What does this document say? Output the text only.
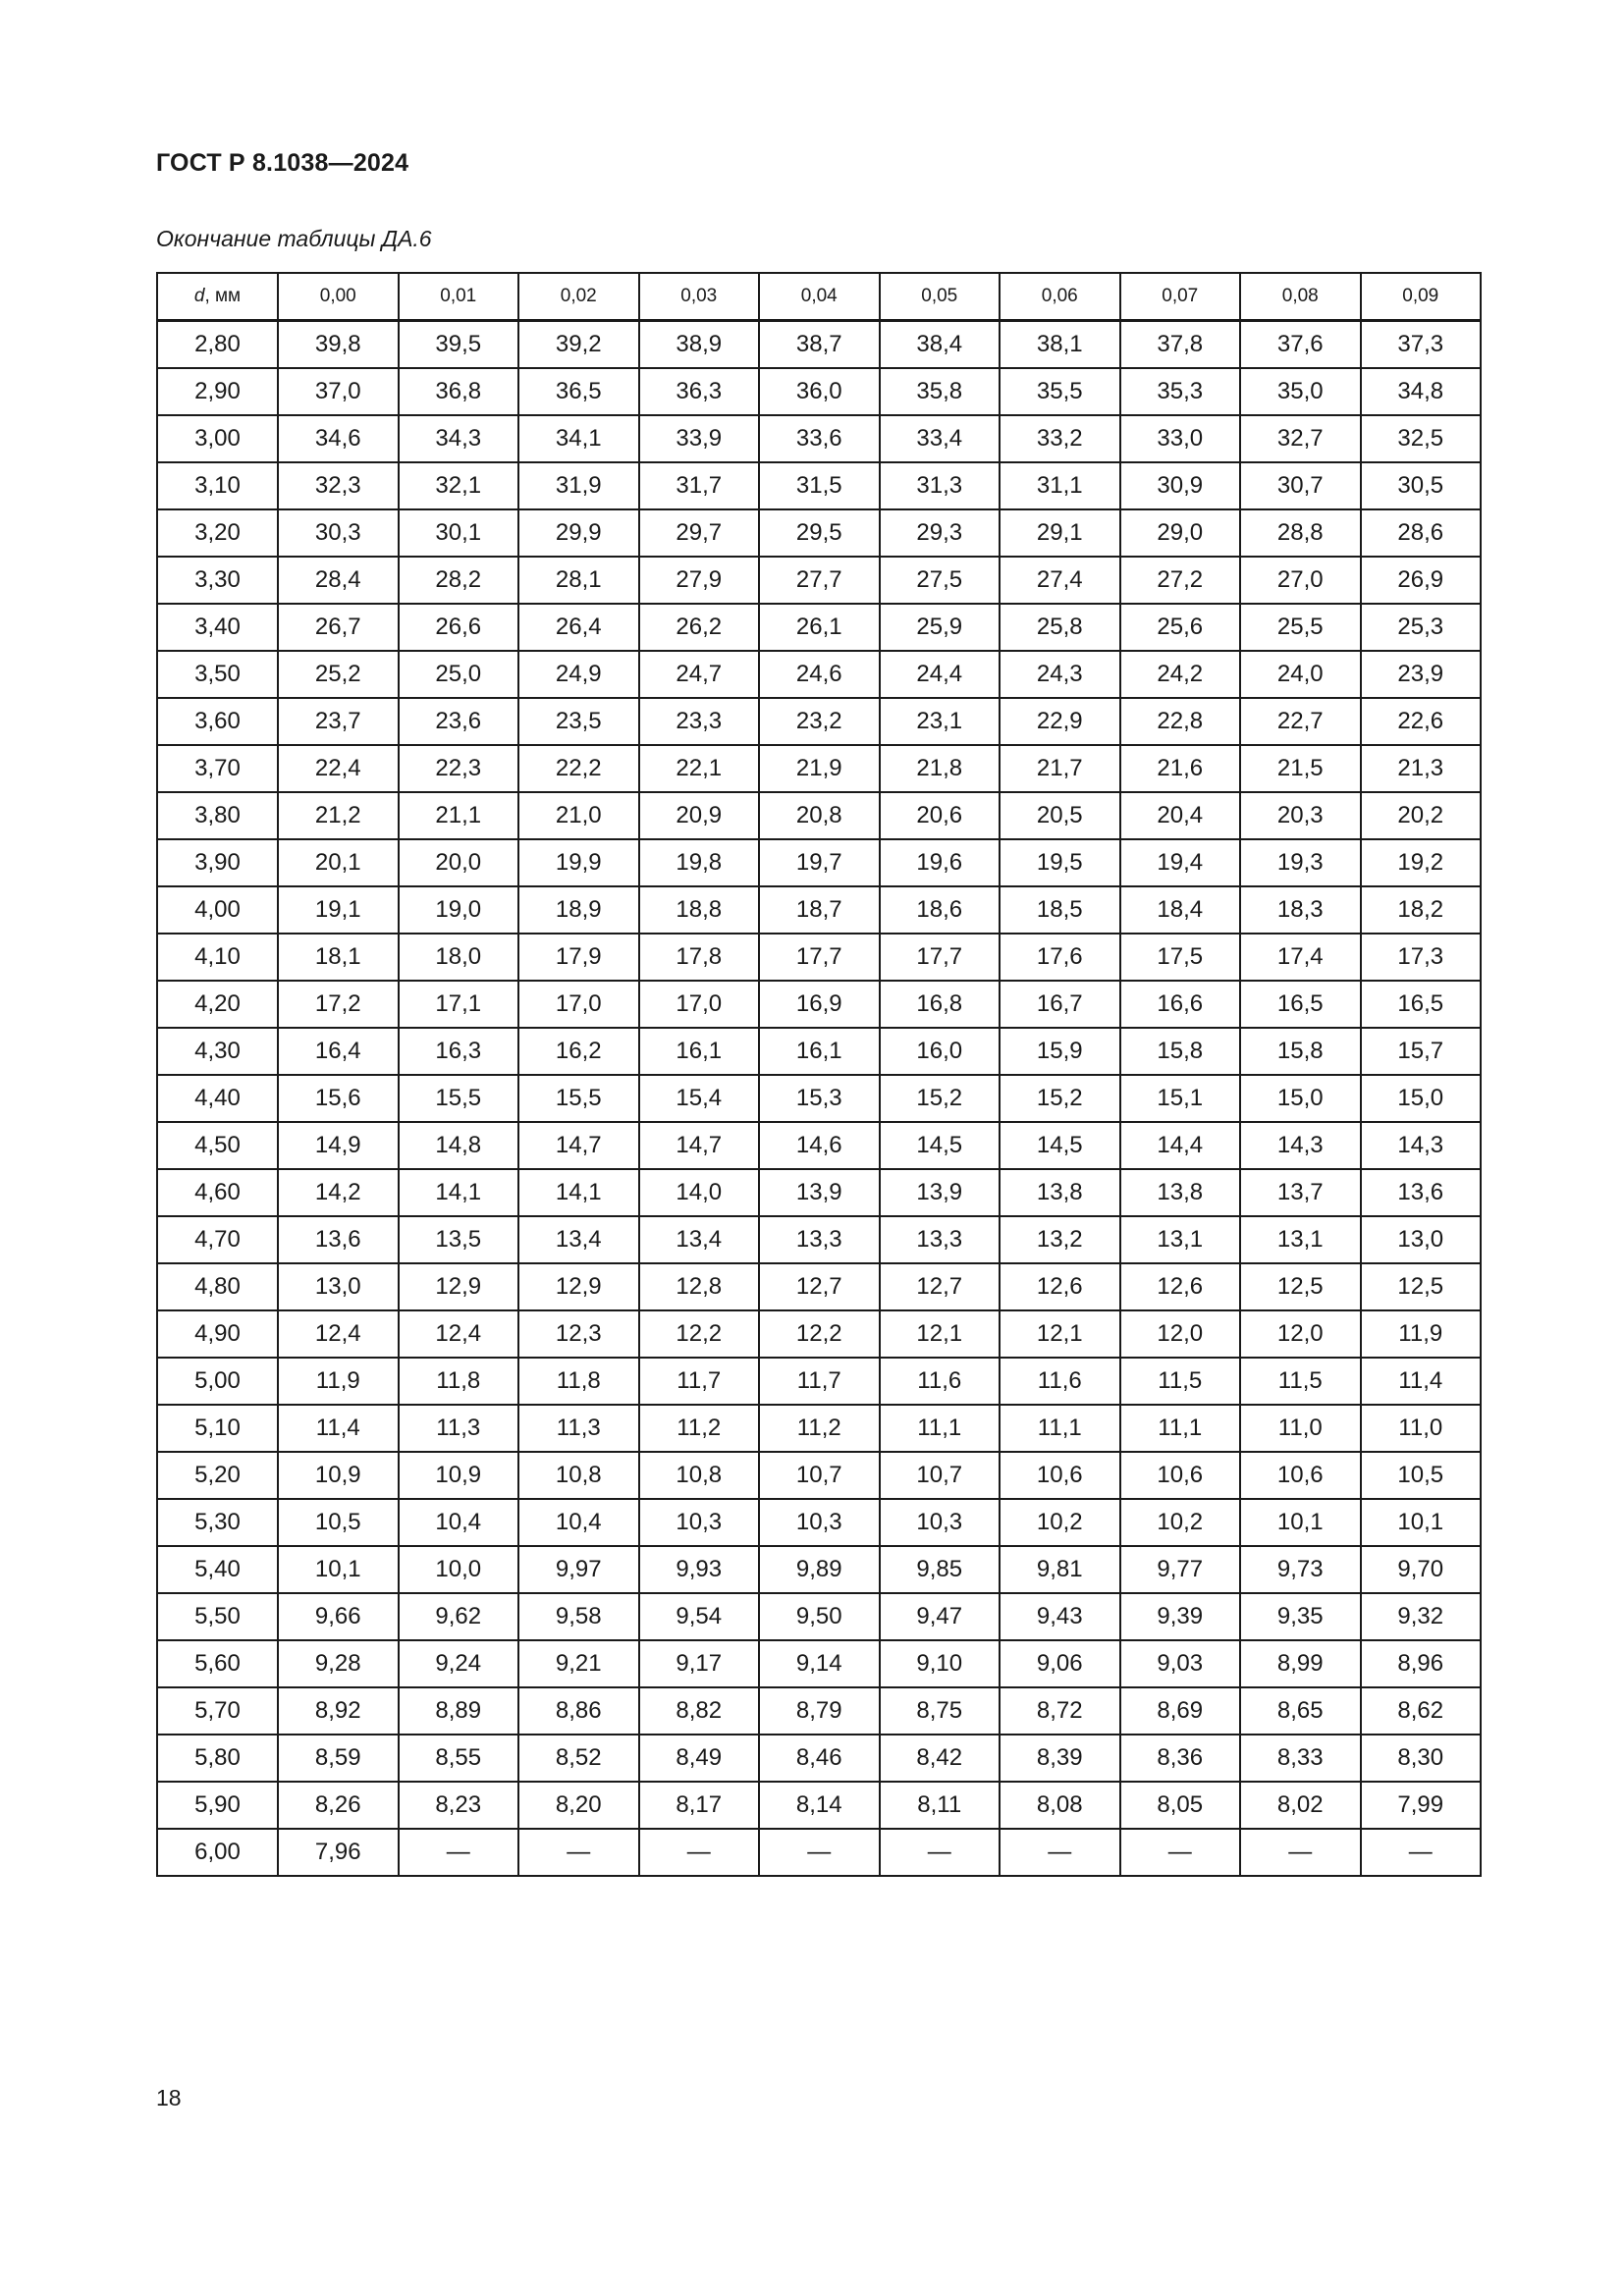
ГОСТ Р 8.1038—2024
Окончание таблицы ДА.6
d, мм	0,00	0,01	0,02	0,03	0,04	0,05	0,06	0,07	0,08	0,09
2,80	39,8	39,5	39,2	38,9	38,7	38,4	38,1	37,8	37,6	37,3
2,90	37,0	36,8	36,5	36,3	36,0	35,8	35,5	35,3	35,0	34,8
3,00	34,6	34,3	34,1	33,9	33,6	33,4	33,2	33,0	32,7	32,5
3,10	32,3	32,1	31,9	31,7	31,5	31,3	31,1	30,9	30,7	30,5
3,20	30,3	30,1	29,9	29,7	29,5	29,3	29,1	29,0	28,8	28,6
3,30	28,4	28,2	28,1	27,9	27,7	27,5	27,4	27,2	27,0	26,9
3,40	26,7	26,6	26,4	26,2	26,1	25,9	25,8	25,6	25,5	25,3
3,50	25,2	25,0	24,9	24,7	24,6	24,4	24,3	24,2	24,0	23,9
3,60	23,7	23,6	23,5	23,3	23,2	23,1	22,9	22,8	22,7	22,6
3,70	22,4	22,3	22,2	22,1	21,9	21,8	21,7	21,6	21,5	21,3
3,80	21,2	21,1	21,0	20,9	20,8	20,6	20,5	20,4	20,3	20,2
3,90	20,1	20,0	19,9	19,8	19,7	19,6	19,5	19,4	19,3	19,2
4,00	19,1	19,0	18,9	18,8	18,7	18,6	18,5	18,4	18,3	18,2
4,10	18,1	18,0	17,9	17,8	17,7	17,7	17,6	17,5	17,4	17,3
4,20	17,2	17,1	17,0	17,0	16,9	16,8	16,7	16,6	16,5	16,5
4,30	16,4	16,3	16,2	16,1	16,1	16,0	15,9	15,8	15,8	15,7
4,40	15,6	15,5	15,5	15,4	15,3	15,2	15,2	15,1	15,0	15,0
4,50	14,9	14,8	14,7	14,7	14,6	14,5	14,5	14,4	14,3	14,3
4,60	14,2	14,1	14,1	14,0	13,9	13,9	13,8	13,8	13,7	13,6
4,70	13,6	13,5	13,4	13,4	13,3	13,3	13,2	13,1	13,1	13,0
4,80	13,0	12,9	12,9	12,8	12,7	12,7	12,6	12,6	12,5	12,5
4,90	12,4	12,4	12,3	12,2	12,2	12,1	12,1	12,0	12,0	11,9
5,00	11,9	11,8	11,8	11,7	11,7	11,6	11,6	11,5	11,5	11,4
5,10	11,4	11,3	11,3	11,2	11,2	11,1	11,1	11,1	11,0	11,0
5,20	10,9	10,9	10,8	10,8	10,7	10,7	10,6	10,6	10,6	10,5
5,30	10,5	10,4	10,4	10,3	10,3	10,3	10,2	10,2	10,1	10,1
5,40	10,1	10,0	9,97	9,93	9,89	9,85	9,81	9,77	9,73	9,70
5,50	9,66	9,62	9,58	9,54	9,50	9,47	9,43	9,39	9,35	9,32
5,60	9,28	9,24	9,21	9,17	9,14	9,10	9,06	9,03	8,99	8,96
5,70	8,92	8,89	8,86	8,82	8,79	8,75	8,72	8,69	8,65	8,62
5,80	8,59	8,55	8,52	8,49	8,46	8,42	8,39	8,36	8,33	8,30
5,90	8,26	8,23	8,20	8,17	8,14	8,11	8,08	8,05	8,02	7,99
6,00	7,96	—	—	—	—	—	—	—	—	—
18
